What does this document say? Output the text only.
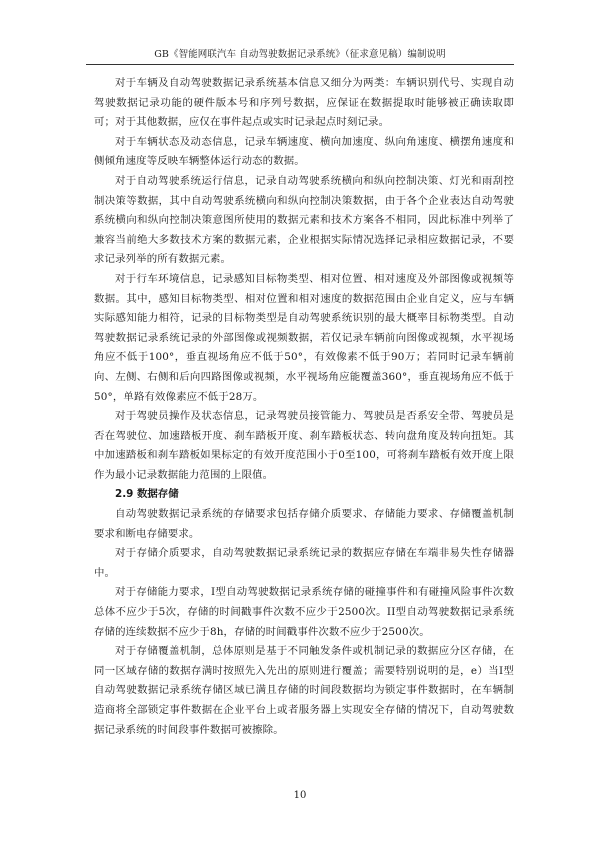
GB《智能网联汽车 自动驾驶数据记录系统》（征求意见稿）编制说明

对于车辆及自动驾驶数据记录系统基本信息又细分为两类：车辆识别代号、实现自动驾驶数据记录功能的硬件版本号和序列号数据，应保证在数据提取时能够被正确读取即可；对于其他数据，应仅在事件起点或实时记录起点时刻记录。

对于车辆状态及动态信息，记录车辆速度、横向加速度、纵向角速度、横摆角速度和侧倾角速度等反映车辆整体运行动态的数据。

对于自动驾驶系统运行信息，记录自动驾驶系统横向和纵向控制决策、灯光和雨刮控制决策等数据，其中自动驾驶系统横向和纵向控制决策数据，由于各个企业表达自动驾驶系统横向和纵向控制决策意图所使用的数据元素和技术方案各不相同，因此标准中列举了兼容当前绝大多数技术方案的数据元素，企业根据实际情况选择记录相应数据记录，不要求记录列举的所有数据元素。

对于行车环境信息，记录感知目标物类型、相对位置、相对速度及外部图像或视频等数据。其中，感知目标物类型、相对位置和相对速度的数据范围由企业自定义，应与车辆实际感知能力相符，记录的目标物类型是自动驾驶系统识别的最大概率目标物类型。自动驾驶数据记录系统记录的外部图像或视频数据，若仅记录车辆前向图像或视频，水平视场角应不低于100°，垂直视场角应不低于50°，有效像素不低于90万；若同时记录车辆前向、左侧、右侧和后向四路图像或视频，水平视场角应能覆盖360°，垂直视场角应不低于50°，单路有效像素应不低于28万。

对于驾驶员操作及状态信息，记录驾驶员接管能力、驾驶员是否系安全带、驾驶员是否在驾驶位、加速踏板开度、刹车踏板开度、刹车踏板状态、转向盘角度及转向扭矩。其中加速踏板和刹车踏板如果标定的有效开度范围小于0至100，可将刹车踏板有效开度上限作为最小记录数据能力范围的上限值。

2.9 数据存储

自动驾驶数据记录系统的存储要求包括存储介质要求、存储能力要求、存储覆盖机制要求和断电存储要求。

对于存储介质要求，自动驾驶数据记录系统记录的数据应存储在车端非易失性存储器中。

对于存储能力要求，I型自动驾驶数据记录系统存储的碰撞事件和有碰撞风险事件次数总体不应少于5次，存储的时间戳事件次数不应少于2500次。II型自动驾驶数据记录系统存储的连续数据不应少于8h，存储的时间戳事件次数不应少于2500次。

对于存储覆盖机制，总体原则是基于不同触发条件或机制记录的数据应分区存储，在同一区域存储的数据存满时按照先入先出的原则进行覆盖；需要特别说明的是，e）当I型自动驾驶数据记录系统存储区域已满且存储的时间段数据均为锁定事件数据时，在车辆制造商将全部锁定事件数据在企业平台上或者服务器上实现安全存储的情况下，自动驾驶数据记录系统的时间段事件数据可被擦除。

10
